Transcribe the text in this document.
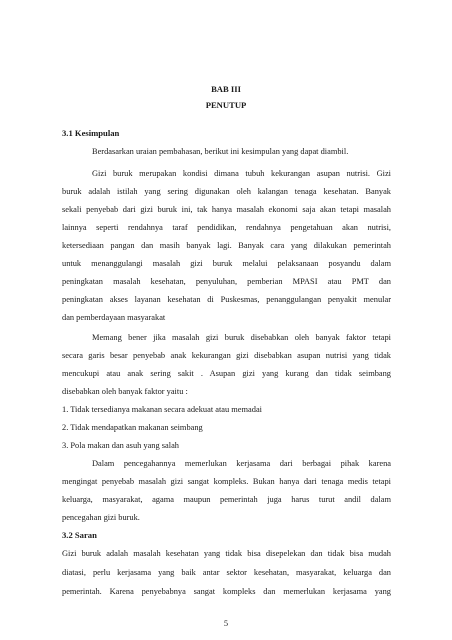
BAB III
PENUTUP
3.1 Kesimpulan
Berdasarkan uraian pembahasan, berikut ini kesimpulan yang dapat diambil.
Gizi buruk merupakan kondisi dimana tubuh kekurangan asupan nutrisi. Gizi
buruk adalah istilah yang sering digunakan oleh kalangan tenaga kesehatan. Banyak
sekali penyebab dari gizi buruk ini, tak hanya masalah ekonomi saja akan tetapi masalah
lainnya seperti rendahnya taraf pendidikan, rendahnya pengetahuan akan nutrisi,
ketersediaan pangan dan masih banyak lagi. Banyak cara yang dilakukan pemerintah
untuk menanggulangi masalah gizi buruk melalui pelaksanaan posyandu dalam
peningkatan masalah kesehatan, penyuluhan, pemberian MPASI atau PMT dan
peningkatan akses layanan kesehatan di Puskesmas, penanggulangan penyakit menular
dan pemberdayaan masyarakat
Memang bener jika masalah gizi buruk disebabkan oleh banyak faktor tetapi
secara garis besar penyebab anak kekurangan gizi disebabkan asupan nutrisi yang tidak
mencukupi atau anak sering sakit . Asupan gizi yang kurang dan tidak seimbang
disebabkan oleh banyak faktor yaitu :
1. Tidak tersedianya makanan secara adekuat atau memadai
2. Tidak mendapatkan makanan seimbang
3. Pola makan dan asuh yang salah
Dalam pencegahannya memerlukan kerjasama dari berbagai pihak karena
mengingat penyebab masalah gizi sangat kompleks. Bukan hanya dari tenaga medis tetapi
keluarga, masyarakat, agama maupun pemerintah juga harus turut andil dalam
pencegahan gizi buruk.
3.2 Saran
Gizi buruk adalah masalah kesehatan yang tidak bisa disepelekan dan tidak bisa mudah
5
diatasi, perlu kerjasama yang baik antar sektor kesehatan, masyarakat, keluarga dan
pemerintah. Karena penyebabnya sangat kompleks dan memerlukan kerjasama yang
